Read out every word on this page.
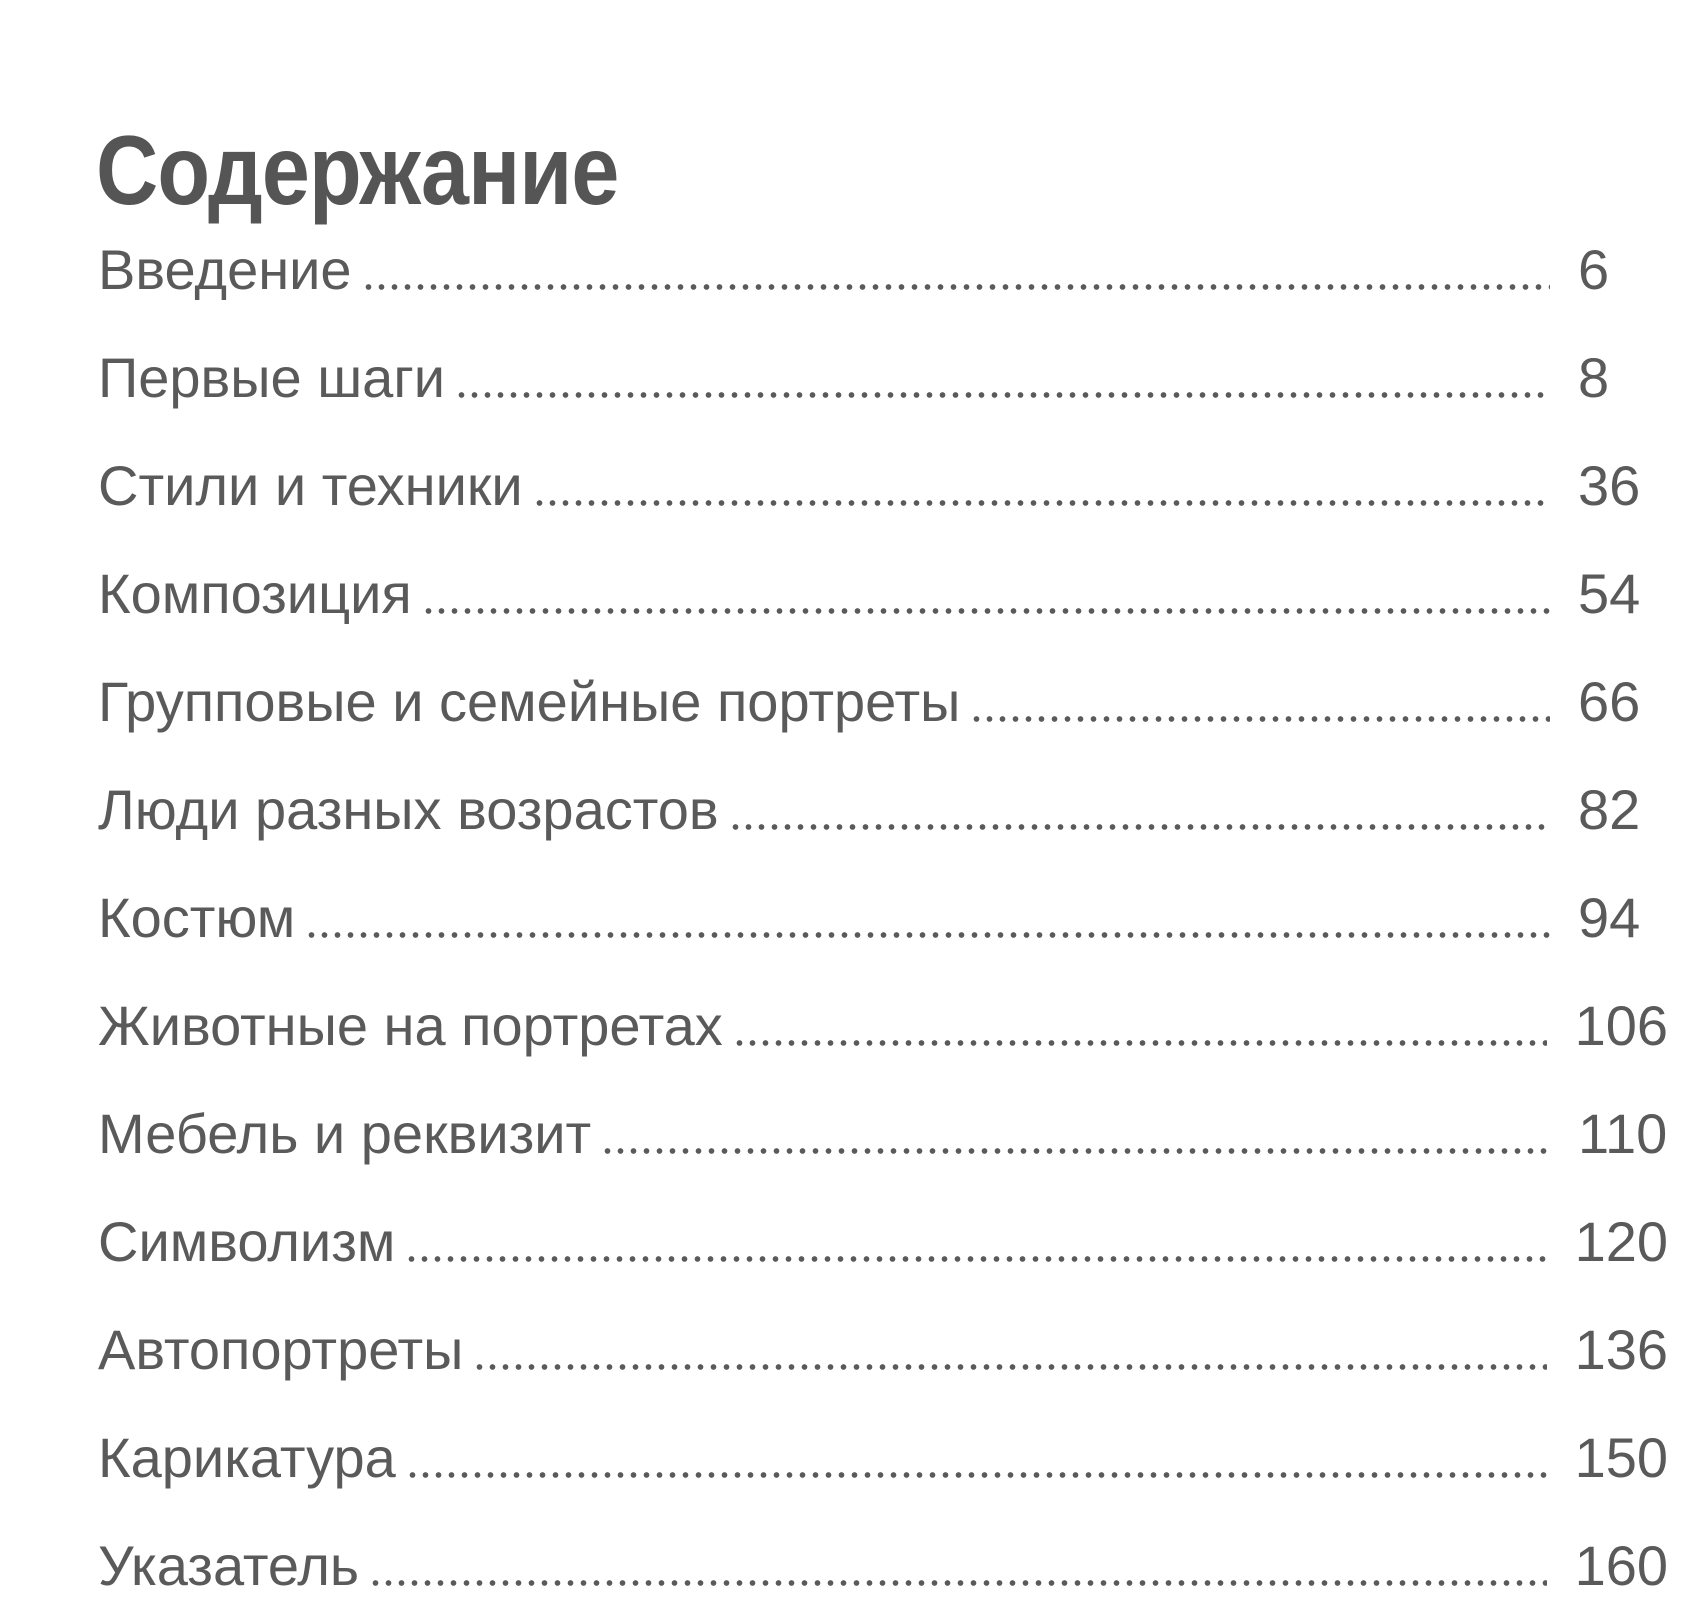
Содержание
Введение	6
Первые шаги	8
Стили и техники	36
Композиция	54
Групповые и семейные портреты	66
Люди разных возрастов	82
Костюм	94
Животные на портретах	106
Мебель и реквизит	110
Символизм	120
Автопортреты	136
Карикатура	150
Указатель	160
